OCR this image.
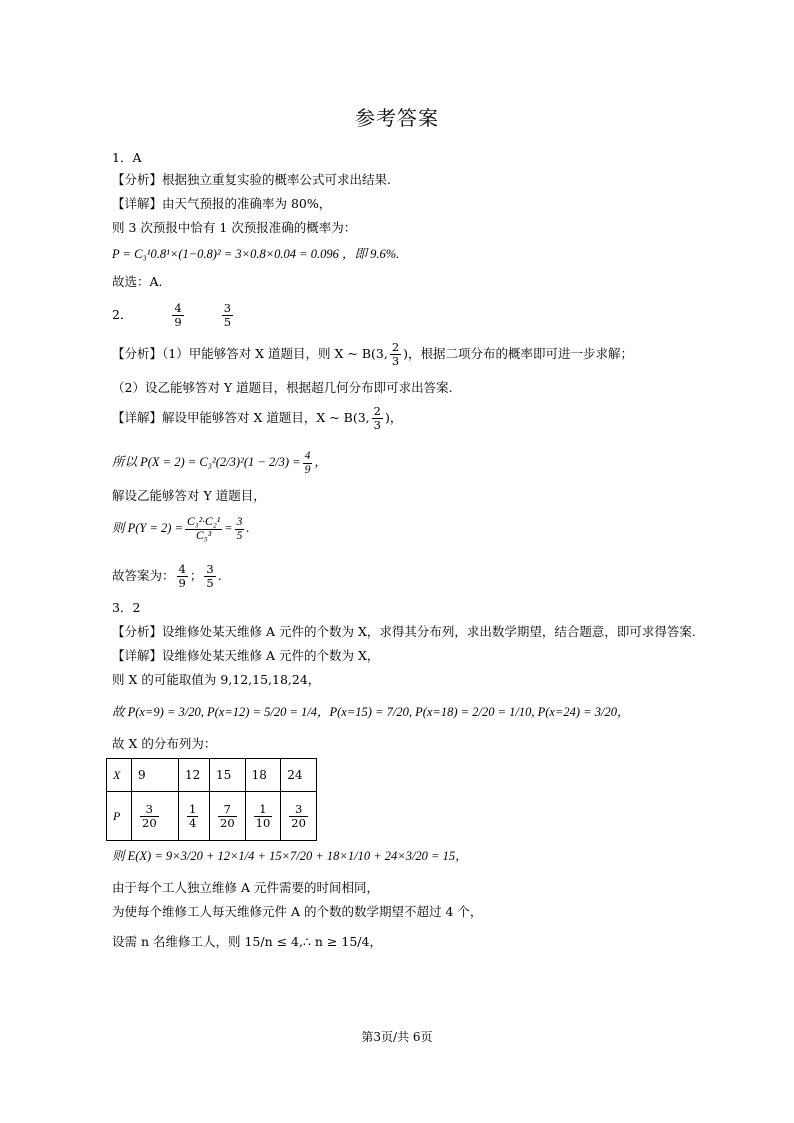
参考答案
1．A
【分析】根据独立重复实验的概率公式可求出结果.
【详解】由天气预报的准确率为 80%，
则 3 次预报中恰有 1 次预报准确的概率为：
P = C₃¹0.8¹×(1−0.8)² = 3×0.8×0.04 = 0.096 ，即 9.6%.
故选：A.
2．	$\frac{4}{9}$
	$\frac{3}{5}$
【分析】（1）甲能够答对 X 道题目，则 X ~ B(3, $\frac{2}{3}$ )，根据二项分布的概率即可进一步求解；
（2）设乙能够答对 Y 道题目，根据超几何分布即可求出答案.
【详解】解设甲能够答对 X 道题目，X ~ B(3, $\frac{2}{3}$ )，
所以 $P(X = 2) = C_3^2(2/3)^2(1 - 2/3) = \frac{4}{9}$ ，
解设乙能够答对 Y 道题目，
则 $P(Y = 2) = \frac{\text{C₃²·C₂¹}}{\text{C₅³}} = \frac{3}{5}$ .
故答案为： $\frac{4}{9}$ ； $\frac{3}{5}$ .
3．2
【分析】设维修处某天维修 A 元件的个数为 X，求得其分布列，求出数学期望，结合题意，即可求得答案.
【详解】设维修处某天维修 A 元件的个数为 X，
则 X 的可能取值为 9,12,15,18,24，
故 P(x=9) = 3/20, P(x=12) = 5/20 = 1/4，P(x=15) = 7/20, P(x=18) = 2/20 = 1/10, P(x=24) = 3/20，
故 X 的分布列为：
X	9	12	15	18	24
P	$\frac{3}{20}$	$\frac{1}{4}$	$\frac{7}{20}$	$\frac{1}{10}$	$\frac{3}{20}$
则 E(X) = 9×3/20 + 12×1/4 + 15×7/20 + 18×1/10 + 24×3/20 = 15，
由于每个工人独立维修 A 元件需要的时间相同，
为使每个维修工人每天维修元件 A 的个数的数学期望不超过 4 个，
设需 n 名维修工人，则 15/n ≤ 4,∴ n ≥ 15/4，
第3页/共 6页
